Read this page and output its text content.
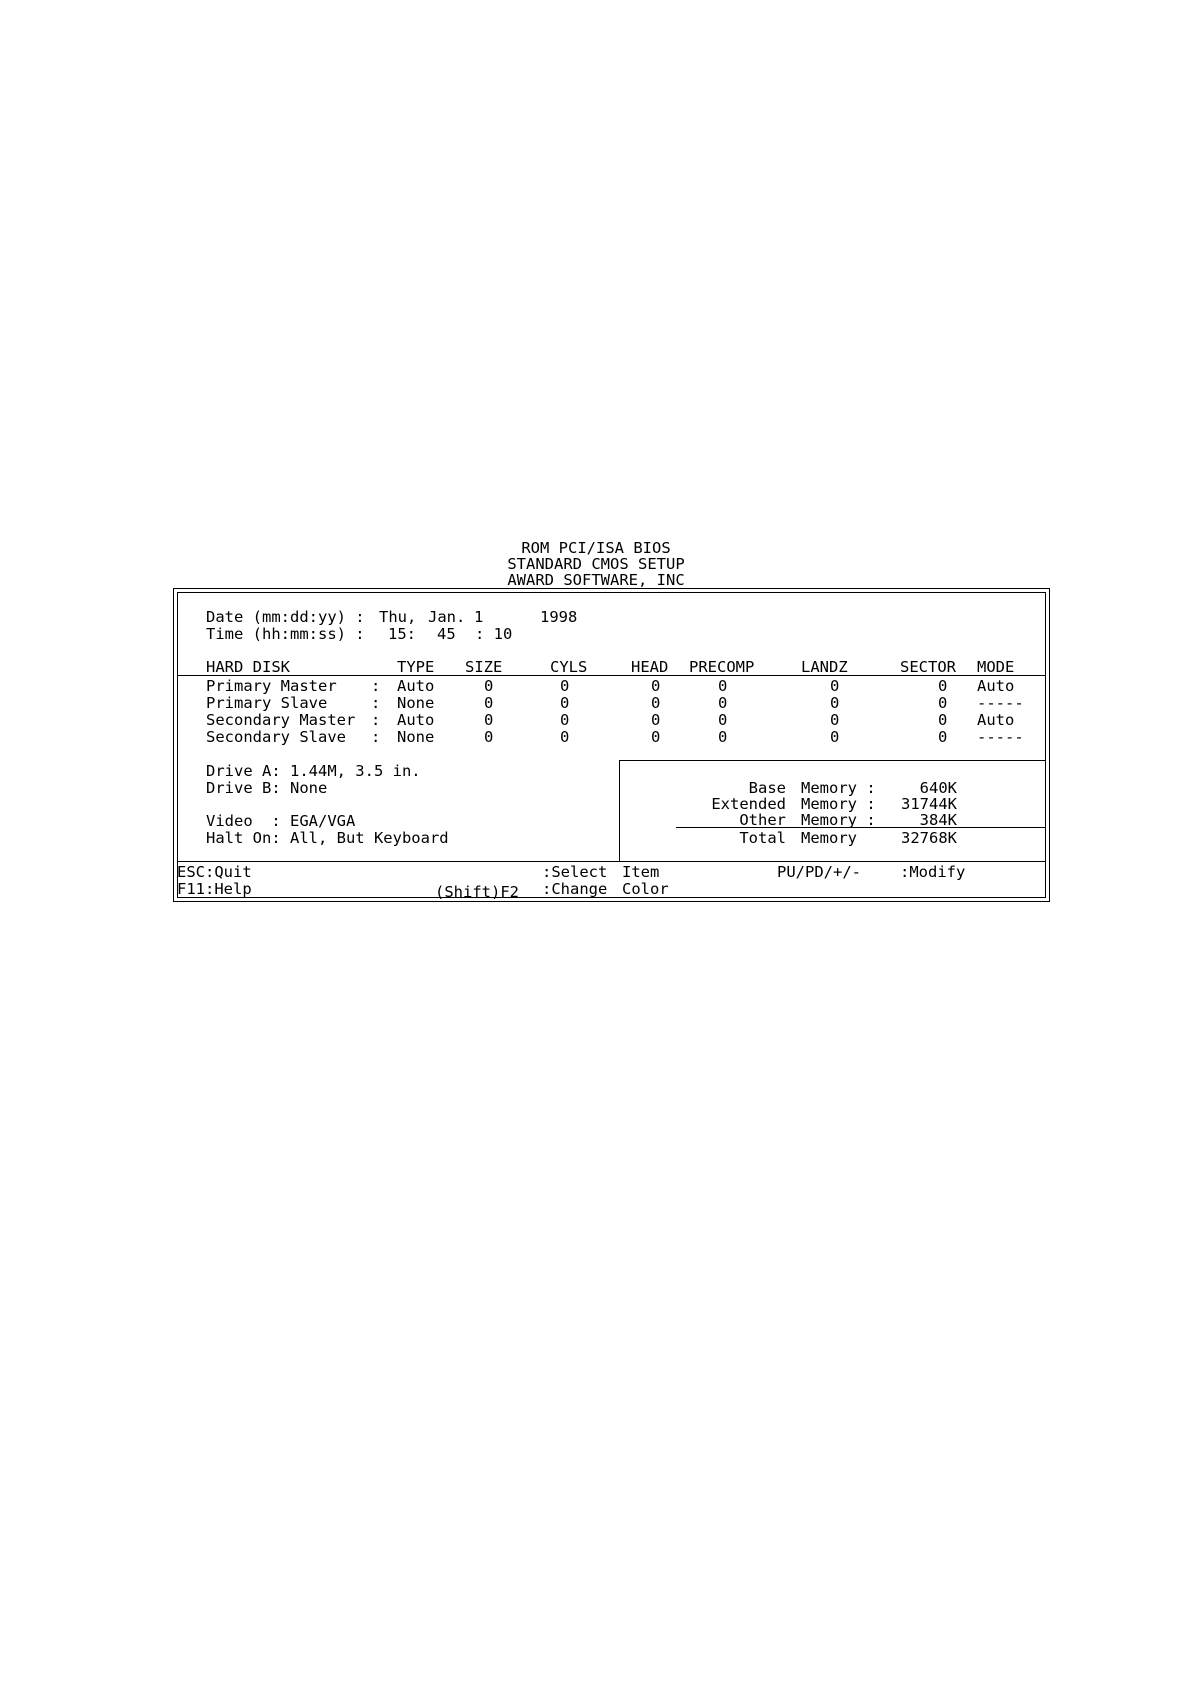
ROM PCI/ISA BIOS
STANDARD CMOS SETUP
AWARD SOFTWARE, INC
Date (mm:dd:yy) : Thu, Jan. 1	1998
Time (hh:mm:ss) : 15: 45 : 10
HARD DISK	TYPE SIZE	CYLS	HEAD PRECOMP	LANDZ	SECTOR MODE
Primary Master : Auto	0	0	0	0	0	0 Auto
Primary Slave	: None	0	0	0	0	0	0 -----
Secondary Master : Auto	0	0	0	0	0	0 Auto
Secondary Slave : None	0	0	0	0	0	0 -----
Drive A: 1.44M, 3.5 in.
Drive B: None
Video  : EGA/VGA
Halt On: All, But Keyboard
Base Memory :	640K
Extended Memory : 31744K
Other Memory :	384K
Total Memory	32768K
ESC:Quit
F11:Help	(Shift)F2
:Select Item
:Change Color
PU/PD/+/-	:Modify
